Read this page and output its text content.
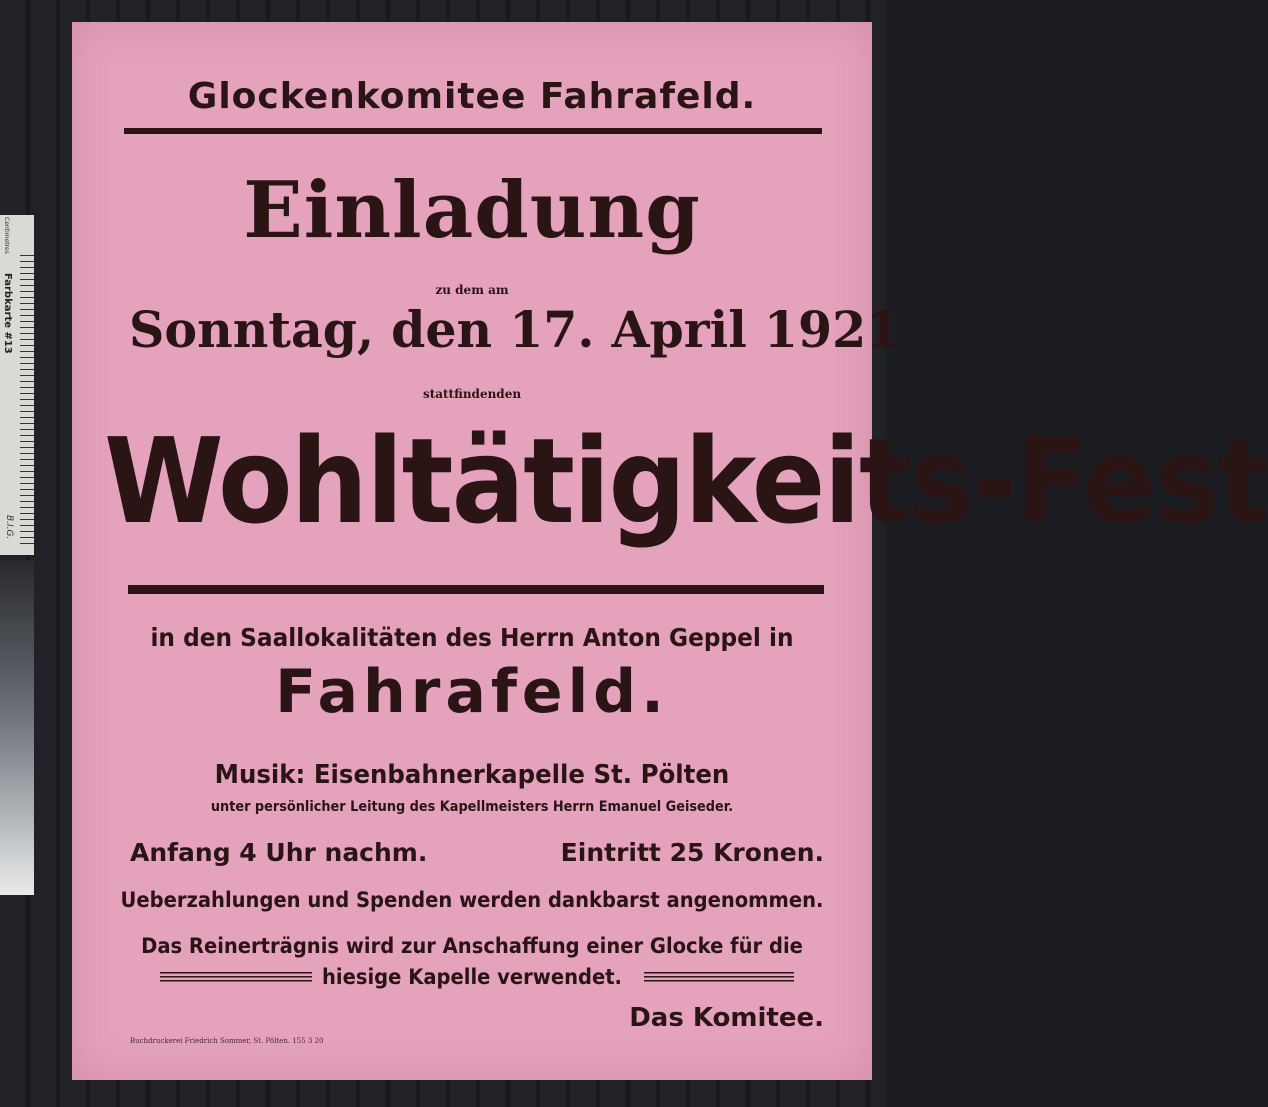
Centimetres
Farbkarte #13
B.I.G.
Glockenkomitee Fahrafeld.
Einladung
zu dem am
Sonntag, den 17. April 1921
stattfindenden
Wohltätigkeits-Fest
in den Saallokalitäten des Herrn Anton Geppel in
Fahrafeld.
Musik: Eisenbahnerkapelle St. Pölten
unter persönlicher Leitung des Kapellmeisters Herrn Emanuel Geiseder.
Anfang 4 Uhr nachm.	Eintritt 25 Kronen.
Ueberzahlungen und Spenden werden dankbarst angenommen.
Das Reinerträgnis wird zur Anschaffung einer Glocke für die
hiesige Kapelle verwendet.
Das Komitee.
Buchdruckerei Friedrich Sommer, St. Pölten. 155 3 20
